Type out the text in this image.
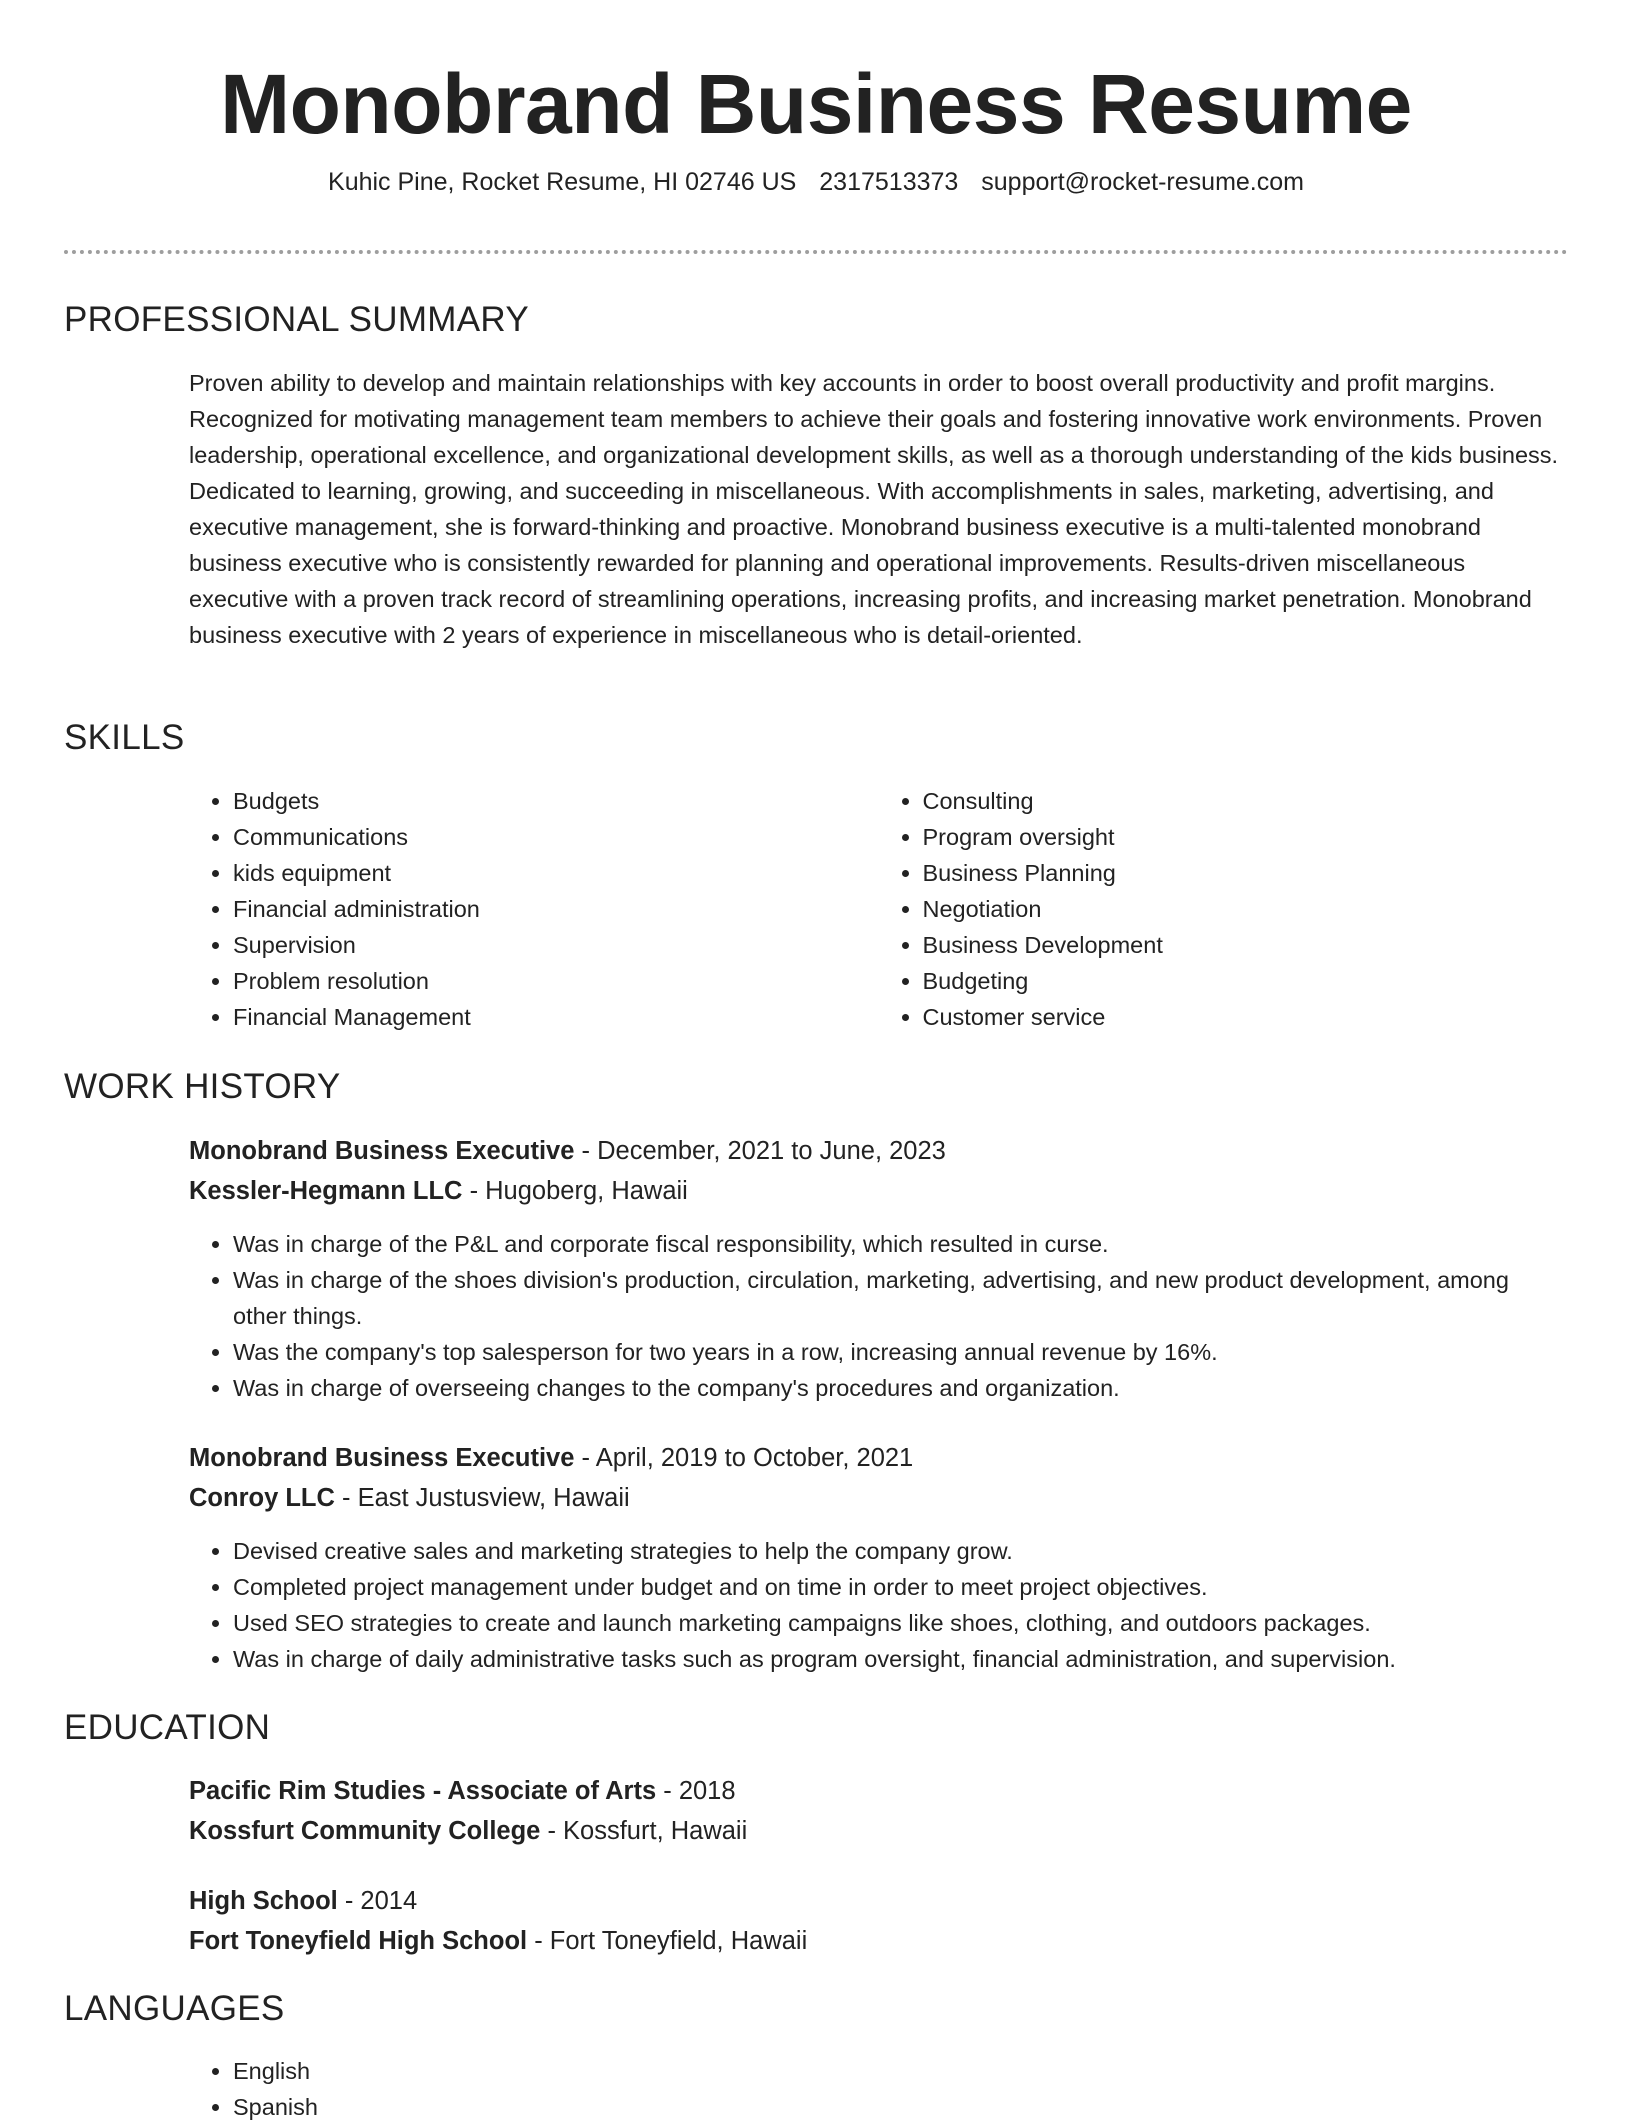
Monobrand Business Resume
Kuhic Pine, Rocket Resume, HI 02746 US 2317513373 support@rocket-resume.com
PROFESSIONAL SUMMARY
Proven ability to develop and maintain relationships with key accounts in order to boost overall productivity and profit margins. Recognized for motivating management team members to achieve their goals and fostering innovative work environments. Proven leadership, operational excellence, and organizational development skills, as well as a thorough understanding of the kids business. Dedicated to learning, growing, and succeeding in miscellaneous. With accomplishments in sales, marketing, advertising, and executive management, she is forward-thinking and proactive. Monobrand business executive is a multi-talented monobrand business executive who is consistently rewarded for planning and operational improvements. Results-driven miscellaneous executive with a proven track record of streamlining operations, increasing profits, and increasing market penetration. Monobrand business executive with 2 years of experience in miscellaneous who is detail-oriented.
SKILLS
• Budgets
• Communications
• kids equipment
• Financial administration
• Supervision
• Problem resolution
• Financial Management
• Consulting
• Program oversight
• Business Planning
• Negotiation
• Business Development
• Budgeting
• Customer service
WORK HISTORY
Monobrand Business Executive - December, 2021 to June, 2023
Kessler-Hegmann LLC - Hugoberg, Hawaii
• Was in charge of the P&L and corporate fiscal responsibility, which resulted in curse.
• Was in charge of the shoes division's production, circulation, marketing, advertising, and new product development, among other things.
• Was the company's top salesperson for two years in a row, increasing annual revenue by 16%.
• Was in charge of overseeing changes to the company's procedures and organization.
Monobrand Business Executive - April, 2019 to October, 2021
Conroy LLC - East Justusview, Hawaii
• Devised creative sales and marketing strategies to help the company grow.
• Completed project management under budget and on time in order to meet project objectives.
• Used SEO strategies to create and launch marketing campaigns like shoes, clothing, and outdoors packages.
• Was in charge of daily administrative tasks such as program oversight, financial administration, and supervision.
EDUCATION
Pacific Rim Studies - Associate of Arts - 2018
Kossfurt Community College - Kossfurt, Hawaii
High School - 2014
Fort Toneyfield High School - Fort Toneyfield, Hawaii
LANGUAGES
• English
• Spanish
